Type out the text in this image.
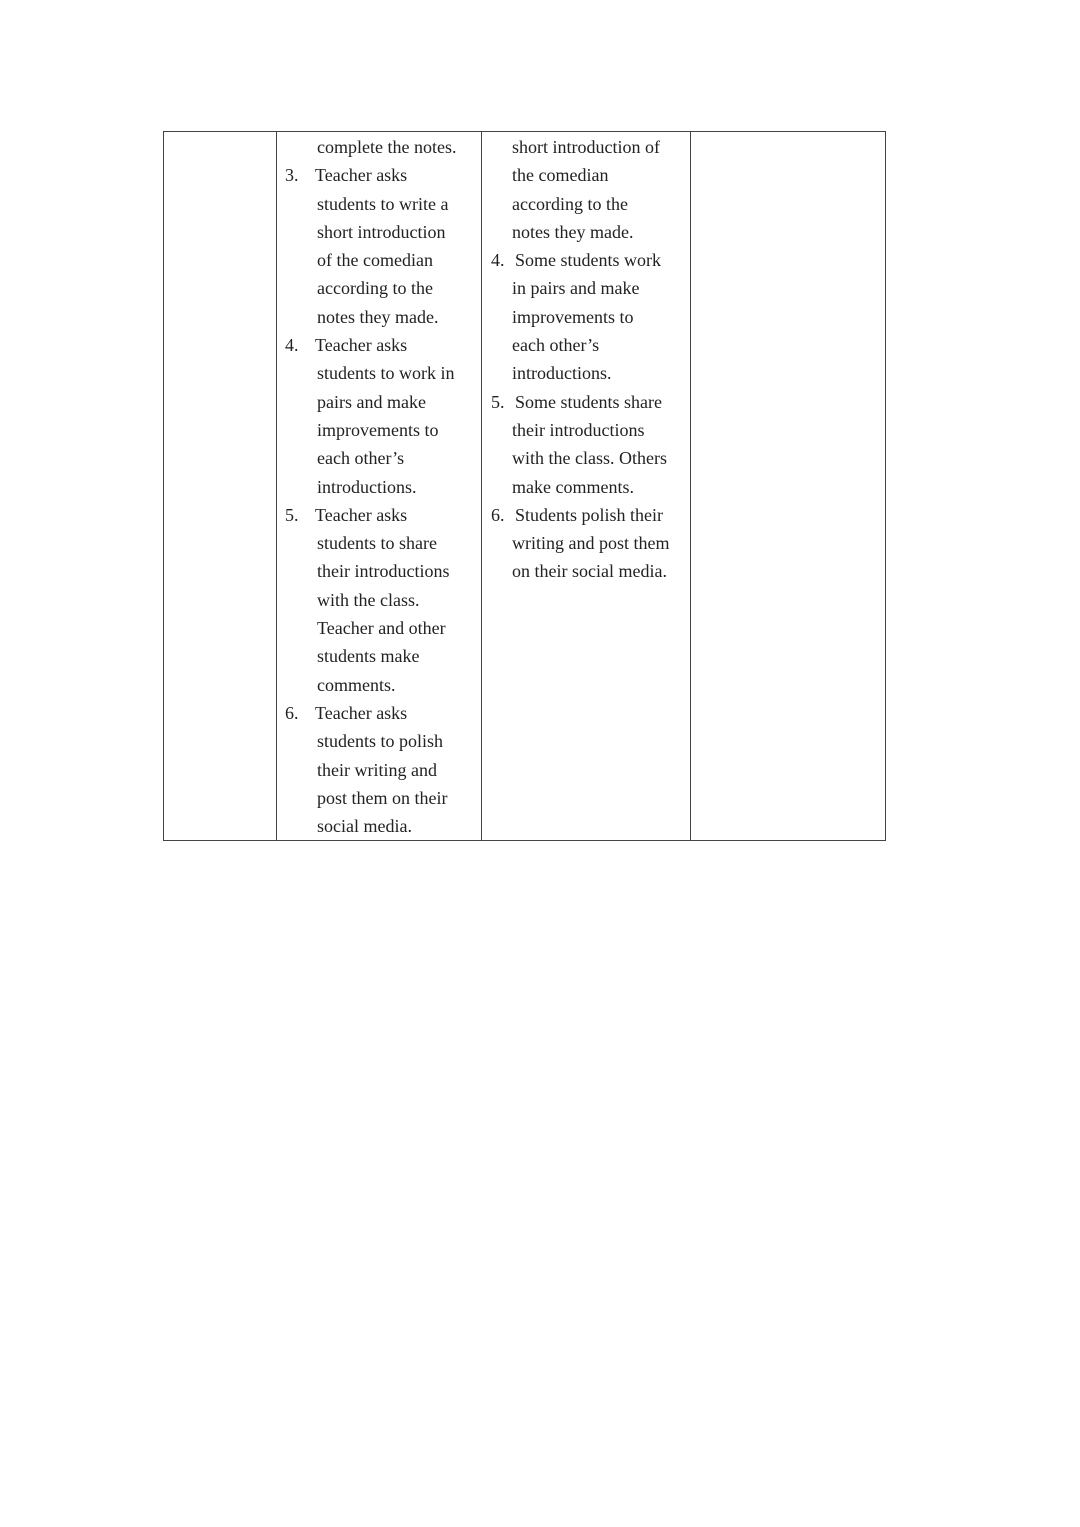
complete the notes.
3. Teacher asks
students to write a
short introduction
of the comedian
according to the
notes they made.
4. Teacher asks
students to work in
pairs and make
improvements to
each other’s
introductions.
5. Teacher asks
students to share
their introductions
with the class.
Teacher and other
students make
comments.
6. Teacher asks
students to polish
their writing and
post them on their
social media.

short introduction of
the comedian
according to the
notes they made.
4. Some students work
in pairs and make
improvements to
each other’s
introductions.
5. Some students share
their introductions
with the class. Others
make comments.
6. Students polish their
writing and post them
on their social media.
